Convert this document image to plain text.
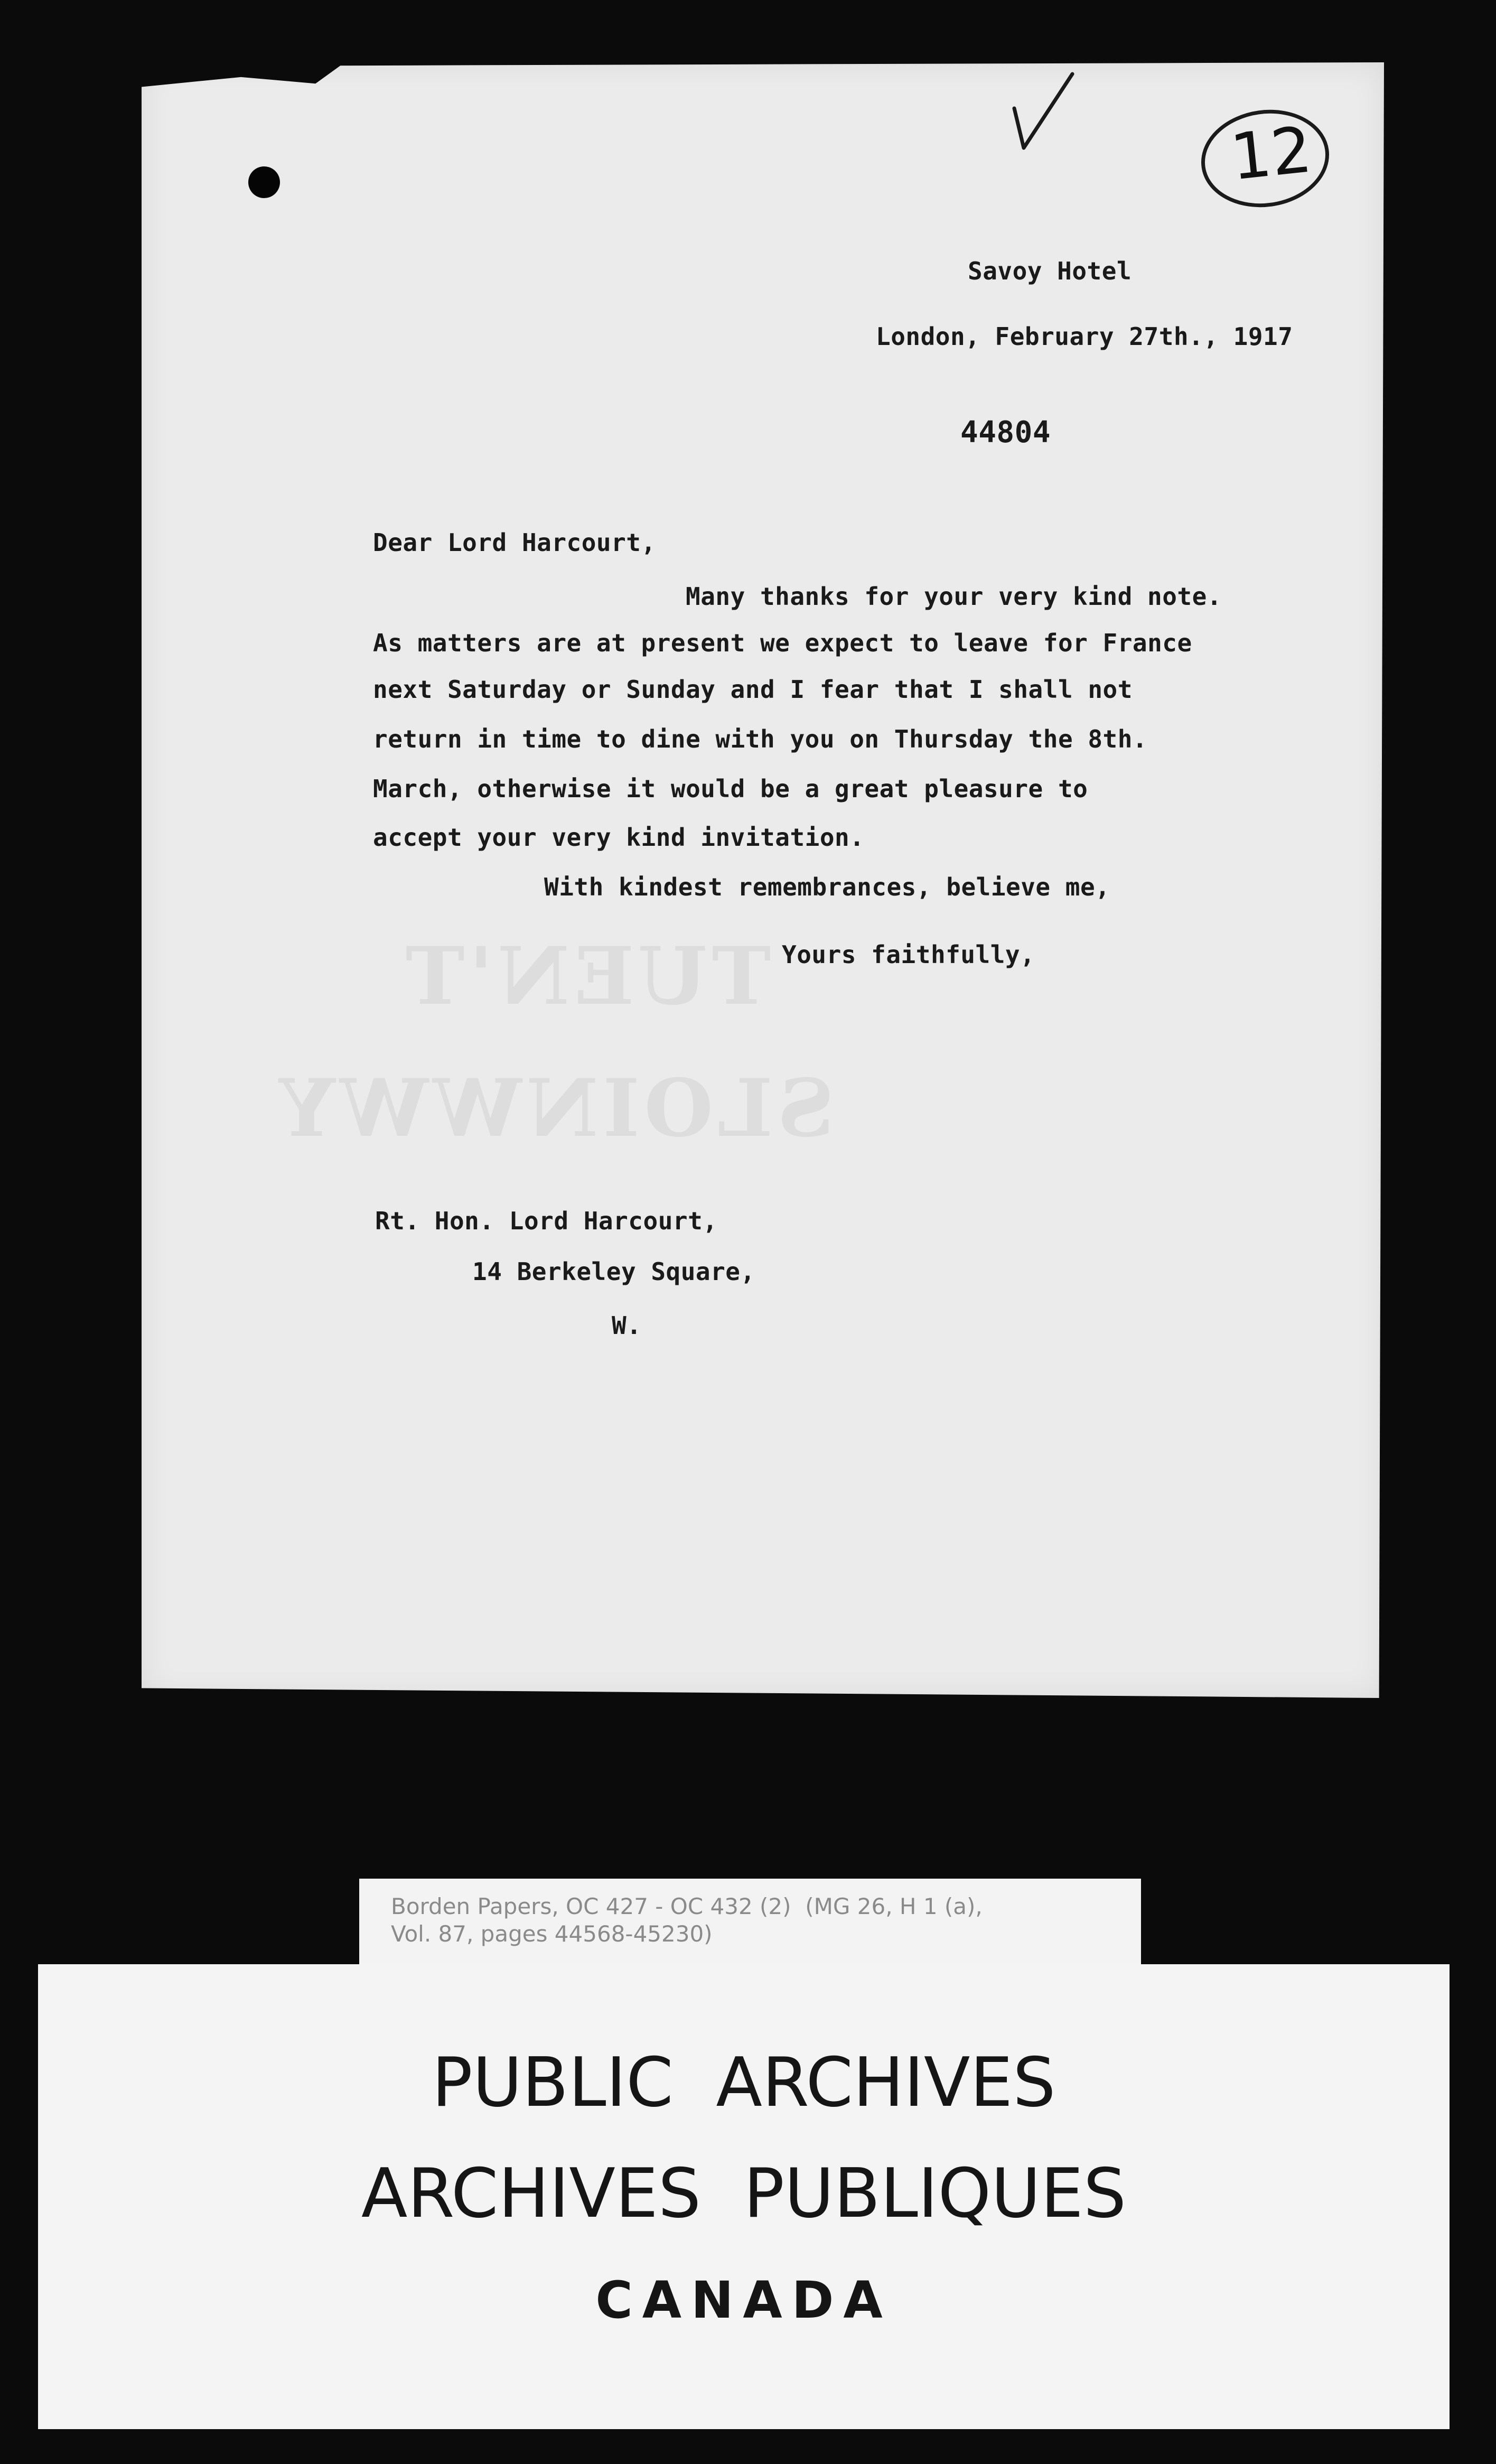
TUEN'T

SLOINWWY

12

Savoy Hotel

London, February 27th., 1917

44804

Dear Lord Harcourt,

Many thanks for your very kind note.

As matters are at present we expect to leave for France

next Saturday or Sunday and I fear that I shall not

return in time to dine with you on Thursday the 8th.

March, otherwise it would be a great pleasure to

accept your very kind invitation.

With kindest remembrances, believe me,

Yours faithfully,

Rt. Hon. Lord Harcourt,

14 Berkeley Square,

W.

Borden Papers, OC 427 - OC 432 (2)  (MG 26, H 1 (a),

Vol. 87, pages 44568-45230)

PUBLIC ARCHIVES

ARCHIVES PUBLIQUES

CANADA
